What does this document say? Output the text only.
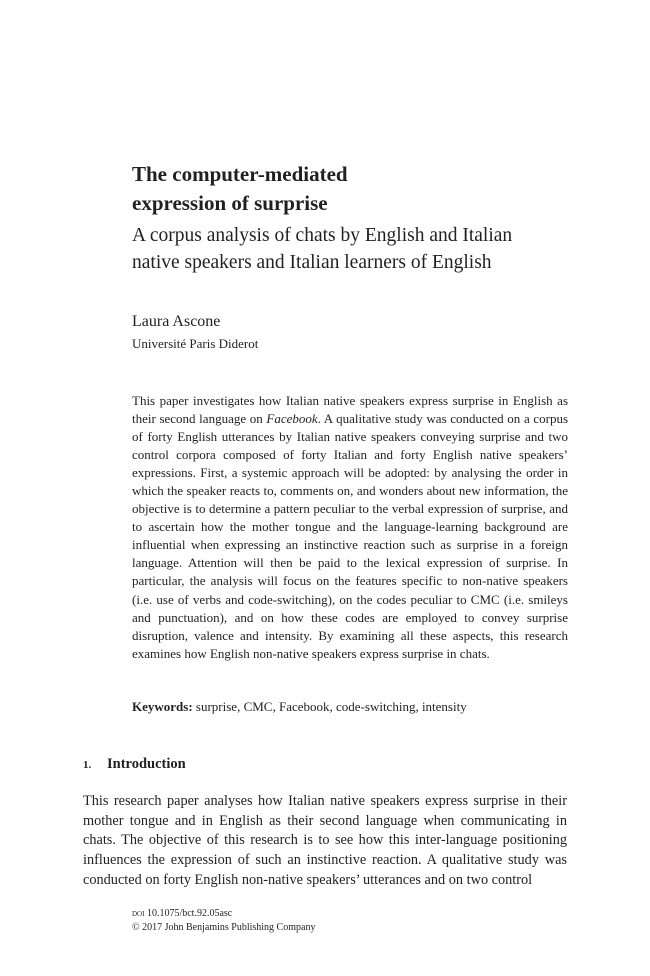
The computer-mediated
expression of surprise
A corpus analysis of chats by English and Italian
native speakers and Italian learners of English

Laura Ascone

Université Paris Diderot

This paper investigates how Italian native speakers express surprise in English as their second language on Facebook. A qualitative study was conducted on a corpus of forty English utterances by Italian native speakers conveying surprise and two control corpora composed of forty Italian and forty English native speakers’ expressions. First, a systemic approach will be adopted: by analysing the order in which the speaker reacts to, comments on, and wonders about new information, the objective is to determine a pattern peculiar to the verbal expression of surprise, and to ascertain how the mother tongue and the language-learning background are influential when expressing an instinctive reaction such as surprise in a foreign language. Attention will then be paid to the lexical expression of surprise. In particular, the analysis will focus on the features specific to non-native speakers (i.e. use of verbs and code-switching), on the codes peculiar to CMC (i.e. smileys and punctuation), and on how these codes are employed to convey surprise disruption, valence and intensity. By examining all these aspects, this research examines how English non-native speakers express surprise in chats.

Keywords: surprise, CMC, Facebook, code-switching, intensity

1. Introduction

This research paper analyses how Italian native speakers express surprise in their mother tongue and in English as their second language when communicating in chats. The objective of this research is to see how this inter-language positioning influences the expression of such an instinctive reaction. A qualitative study was conducted on forty English non-native speakers’ utterances and on two control

doi 10.1075/bct.92.05asc
© 2017 John Benjamins Publishing Company
